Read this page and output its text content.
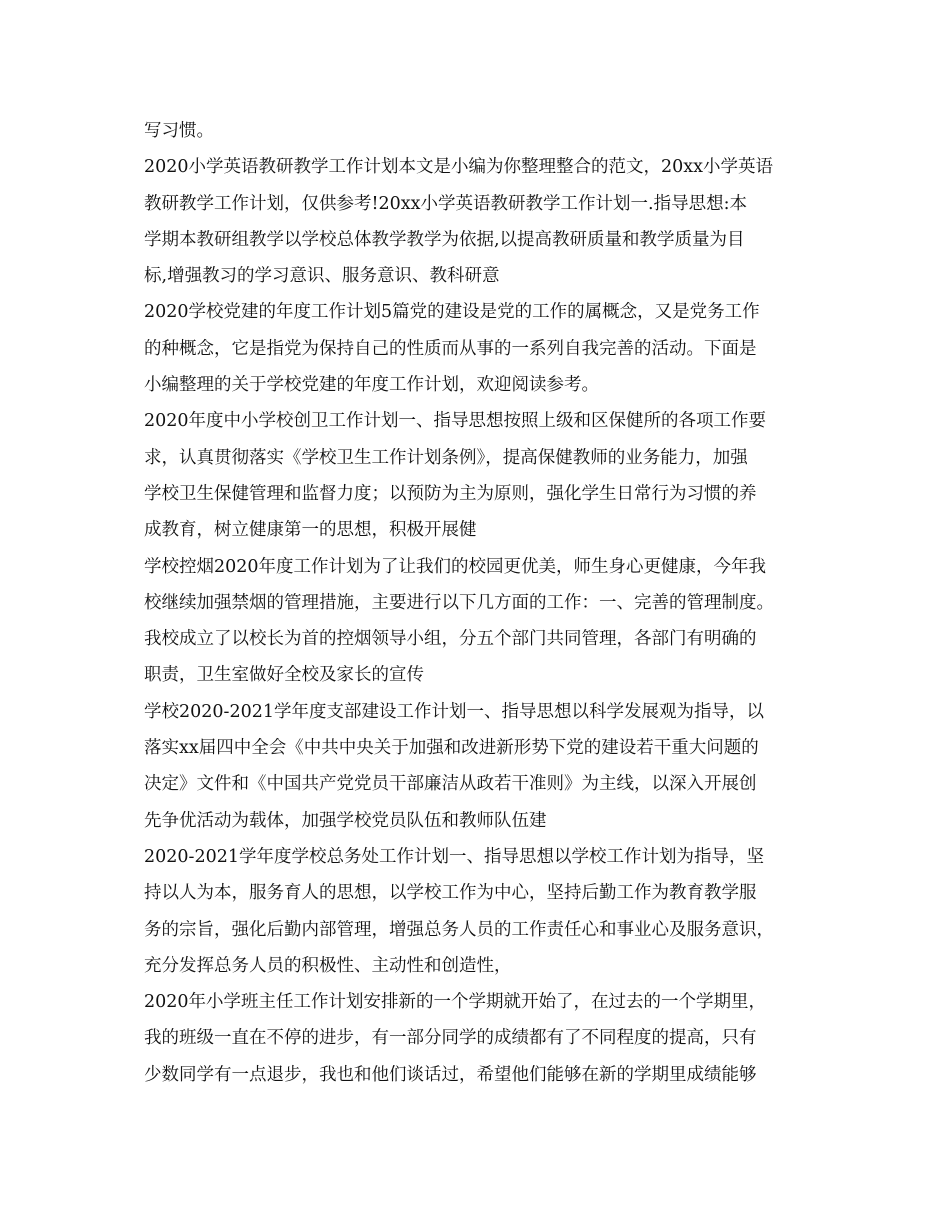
写习惯。

2020小学英语教研教学工作计划本文是小编为你整理整合的范文，20xx小学英语
教研教学工作计划，仅供参考!20xx小学英语教研教学工作计划一.指导思想:本
学期本教研组教学以学校总体教学教学为依据,以提高教研质量和教学质量为目
标,增强教习的学习意识、服务意识、教科研意

2020学校党建的年度工作计划5篇党的建设是党的工作的属概念，又是党务工作
的种概念，它是指党为保持自己的性质而从事的一系列自我完善的活动。下面是
小编整理的关于学校党建的年度工作计划，欢迎阅读参考。

2020年度中小学校创卫工作计划一、指导思想按照上级和区保健所的各项工作要
求，认真贯彻落实《学校卫生工作计划条例》，提高保健教师的业务能力，加强
学校卫生保健管理和监督力度；以预防为主为原则，强化学生日常行为习惯的养
成教育，树立健康第一的思想，积极开展健

学校控烟2020年度工作计划为了让我们的校园更优美，师生身心更健康，今年我
校继续加强禁烟的管理措施，主要进行以下几方面的工作：一、完善的管理制度。
我校成立了以校长为首的控烟领导小组，分五个部门共同管理，各部门有明确的
职责，卫生室做好全校及家长的宣传

学校2020-2021学年度支部建设工作计划一、指导思想以科学发展观为指导，以
落实xx届四中全会《中共中央关于加强和改进新形势下党的建设若干重大问题的
决定》文件和《中国共产党党员干部廉洁从政若干准则》为主线，以深入开展创
先争优活动为载体，加强学校党员队伍和教师队伍建

2020-2021学年度学校总务处工作计划一、指导思想以学校工作计划为指导，坚
持以人为本，服务育人的思想，以学校工作为中心，坚持后勤工作为教育教学服
务的宗旨，强化后勤内部管理，增强总务人员的工作责任心和事业心及服务意识，
充分发挥总务人员的积极性、主动性和创造性，

2020年小学班主任工作计划安排新的一个学期就开始了，在过去的一个学期里，
我的班级一直在不停的进步，有一部分同学的成绩都有了不同程度的提高，只有
少数同学有一点退步，我也和他们谈话过，希望他们能够在新的学期里成绩能够
